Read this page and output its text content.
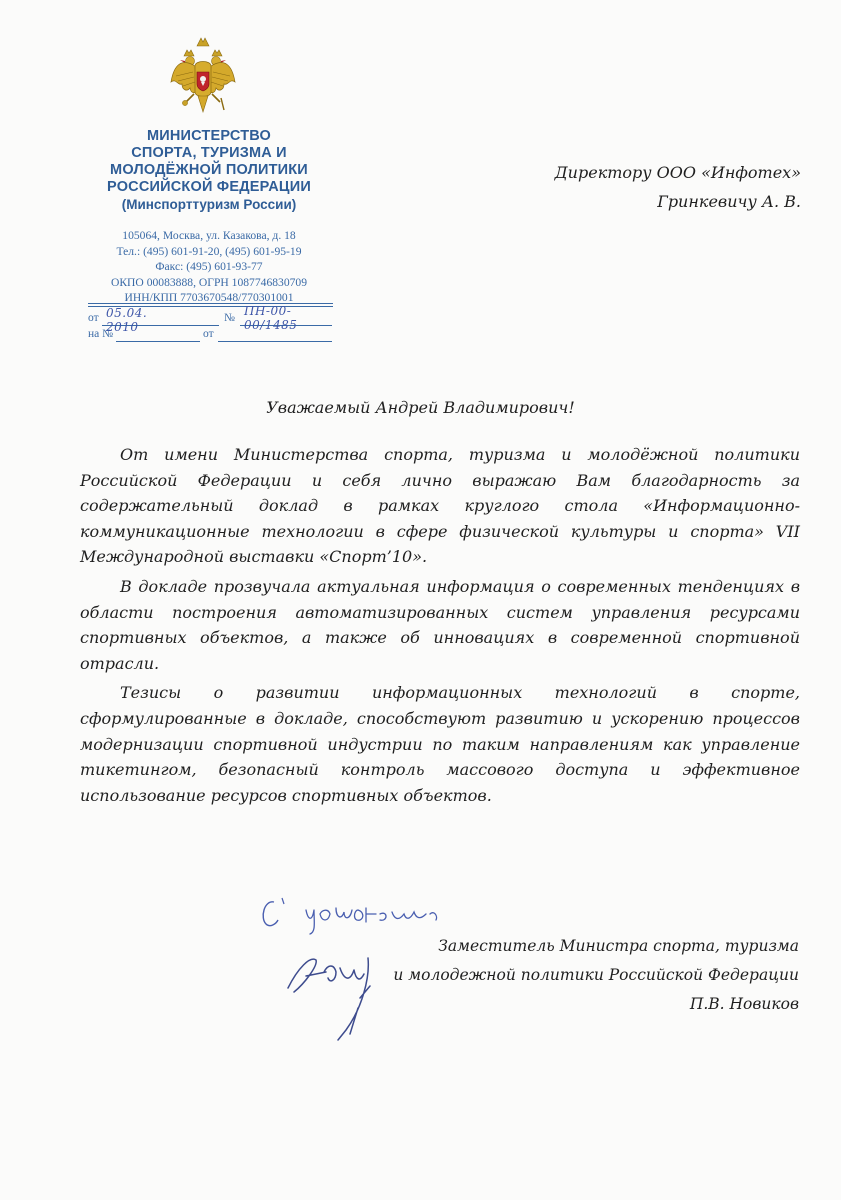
МИНИСТЕРСТВО
СПОРТА, ТУРИЗМА И
МОЛОДЁЖНОЙ ПОЛИТИКИ
РОССИЙСКОЙ ФЕДЕРАЦИИ
(Минспорттуризм России)
105064, Москва, ул. Казакова, д. 18
Тел.: (495) 601-91-20, (495) 601-95-19
Факс: (495) 601-93-77
ОКПО 00083888, ОГРН 1087746830709
ИНН/КПП 7703670548/770301001
от 05.04. 2010
№ ПН-00-00/1485
на №	от
Директору ООО «Инфотех»
Гринкевичу А. В.
Уважаемый Андрей Владимирович!

От имени Министерства спорта, туризма и молодёжной политики Российской Федерации и себя лично выражаю Вам благодарность за содержательный доклад в рамках круглого стола «Информационно-коммуникационные технологии в сфере физической культуры и спорта» VII Международной выставки «Спорт’10».

В докладе прозвучала актуальная информация о современных тенденциях в области построения автоматизированных систем управления ресурсами спортивных объектов, а также об инновациях в современной спортивной отрасли.

Тезисы о развитии информационных технологий в спорте, сформулированные в докладе, способствуют развитию и ускорению процессов модернизации спортивной индустрии по таким направлениям как управление тикетингом, безопасный контроль массового доступа и эффективное использование ресурсов спортивных объектов.

Заместитель Министра спорта, туризма
и молодежной политики Российской Федерации
П.В. Новиков
